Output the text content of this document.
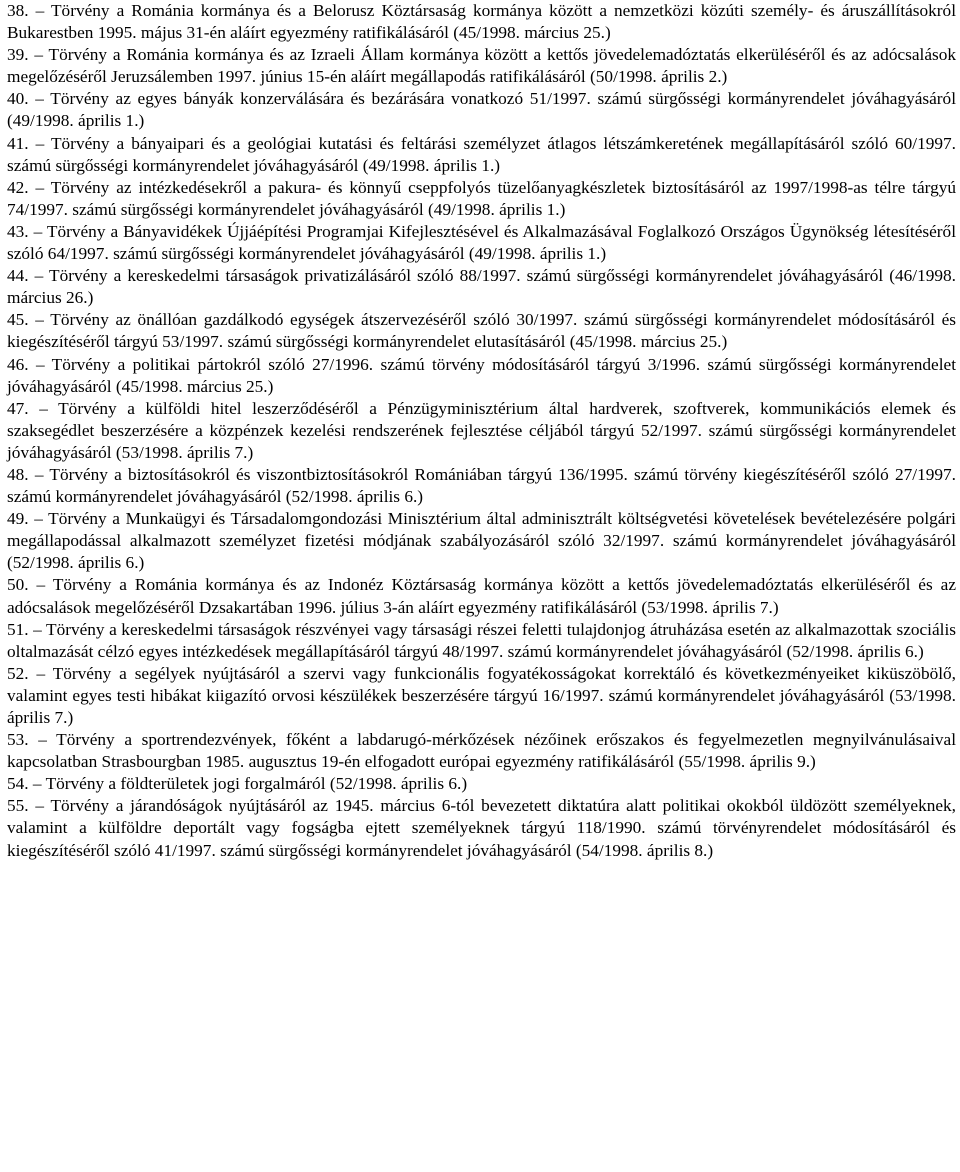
38. – Törvény a Románia kormánya és a Belorusz Köztársaság kormánya között a nemzetközi közúti személy- és áruszállításokról Bukarestben 1995. május 31-én aláírt egyezmény ratifikálásáról (45/1998. március 25.)

39. – Törvény a Románia kormánya és az Izraeli Állam kormánya között a kettős jövedelemadóztatás elkerüléséről és az adócsalások megelőzéséről Jeruzsálemben 1997. június 15-én aláírt megállapodás ratifikálásáról (50/1998. április 2.)

40. – Törvény az egyes bányák konzerválására és bezárására vonatkozó 51/1997. számú sürgősségi kormányrendelet jóváhagyásáról (49/1998. április 1.)

41. – Törvény a bányaipari és a geológiai kutatási és feltárási személyzet átlagos létszámkeretének megállapításáról szóló 60/1997. számú sürgősségi kormányrendelet jóváhagyásáról (49/1998. április 1.)

42. – Törvény az intézkedésekről a pakura- és könnyű cseppfolyós tüzelőanyagkészletek biztosításáról az 1997/1998-as télre tárgyú 74/1997. számú sürgősségi kormányrendelet jóváhagyásáról (49/1998. április 1.)

43. – Törvény a Bányavidékek Újjáépítési Programjai Kifejlesztésével és Alkalmazásával Foglalkozó Országos Ügynökség létesítéséről szóló 64/1997. számú sürgősségi kormányrendelet jóváhagyásáról (49/1998. április 1.)

44. – Törvény a kereskedelmi társaságok privatizálásáról szóló 88/1997. számú sürgősségi kormányrendelet jóváhagyásáról (46/1998. március 26.)

45. – Törvény az önállóan gazdálkodó egységek átszervezéséről szóló 30/1997. számú sürgősségi kormányrendelet módosításáról és kiegészítéséről tárgyú 53/1997. számú sürgősségi kormányrendelet elutasításáról (45/1998. március 25.)

46. – Törvény a politikai pártokról szóló 27/1996. számú törvény módosításáról tárgyú 3/1996. számú sürgősségi kormányrendelet jóváhagyásáról (45/1998. március 25.)

47. – Törvény a külföldi hitel leszerződéséről a Pénzügyminisztérium által hardverek, szoftverek, kommunikációs elemek és szaksegédlet beszerzésére a közpénzek kezelési rendszerének fejlesztése céljából tárgyú 52/1997. számú sürgősségi kormányrendelet jóváhagyásáról (53/1998. április 7.)

48. – Törvény a biztosításokról és viszontbiztosításokról Romániában tárgyú 136/1995. számú törvény kiegészítéséről szóló 27/1997. számú kormányrendelet jóváhagyásáról (52/1998. április 6.)

49. – Törvény a Munkaügyi és Társadalomgondozási Minisztérium által adminisztrált költségvetési követelések bevételezésére polgári megállapodással alkalmazott személyzet fizetési módjának szabályozásáról szóló 32/1997. számú kormányrendelet jóváhagyásáról (52/1998. április 6.)

50. – Törvény a Románia kormánya és az Indonéz Köztársaság kormánya között a kettős jövedelemadóztatás elkerüléséről és az adócsalások megelőzéséről Dzsakartában 1996. július 3-án aláírt egyezmény ratifikálásáról (53/1998. április 7.)

51. – Törvény a kereskedelmi társaságok részvényei vagy társasági részei feletti tulajdonjog átruházása esetén az alkalmazottak szociális oltalmazását célzó egyes intézkedések megállapításáról tárgyú 48/1997. számú kormányrendelet jóváhagyásáról (52/1998. április 6.)

52. – Törvény a segélyek nyújtásáról a szervi vagy funkcionális fogyatékosságokat korrektáló és következményeiket kiküszöbölő, valamint egyes testi hibákat kiigazító orvosi készülékek beszerzésére tárgyú 16/1997. számú kormányrendelet jóváhagyásáról (53/1998. április 7.)

53. – Törvény a sportrendezvények, főként a labdarugó-mérkőzések nézőinek erőszakos és fegyelmezetlen megnyilvánulásaival kapcsolatban Strasbourgban 1985. augusztus 19-én elfogadott európai egyezmény ratifikálásáról (55/1998. április 9.)

54. – Törvény a földterületek jogi forgalmáról (52/1998. április 6.)

55. – Törvény a járandóságok nyújtásáról az 1945. március 6-tól bevezetett diktatúra alatt politikai okokból üldözött személyeknek, valamint a külföldre deportált vagy fogságba ejtett személyeknek tárgyú 118/1990. számú törvényrendelet módosításáról és kiegészítéséről szóló 41/1997. számú sürgősségi kormányrendelet jóváhagyásáról (54/1998. április 8.)
